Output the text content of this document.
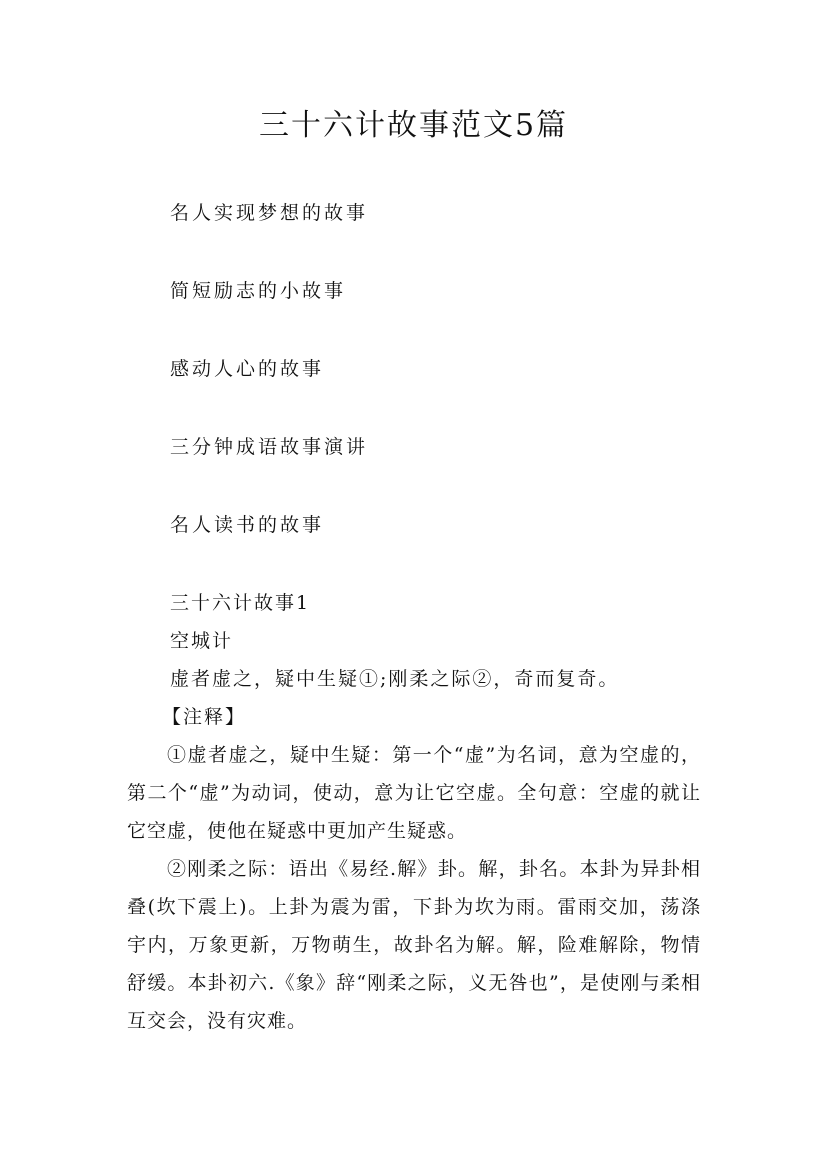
三十六计故事范文5篇

名人实现梦想的故事

简短励志的小故事

感动人心的故事

三分钟成语故事演讲

名人读书的故事

三十六计故事1

空城计

虚者虚之，疑中生疑①;刚柔之际②，奇而复奇。

【注释】

①虚者虚之，疑中生疑：第一个“虚”为名词，意为空虚的，第二个“虚”为动词，使动，意为让它空虚。全句意：空虚的就让它空虚，使他在疑惑中更加产生疑惑。

②刚柔之际：语出《易经.解》卦。解，卦名。本卦为异卦相叠(坎下震上)。上卦为震为雷，下卦为坎为雨。雷雨交加，荡涤宇内，万象更新，万物萌生，故卦名为解。解，险难解除，物情舒缓。本卦初六.《象》辞“刚柔之际，义无咎也”，是使刚与柔相互交会，没有灾难。
